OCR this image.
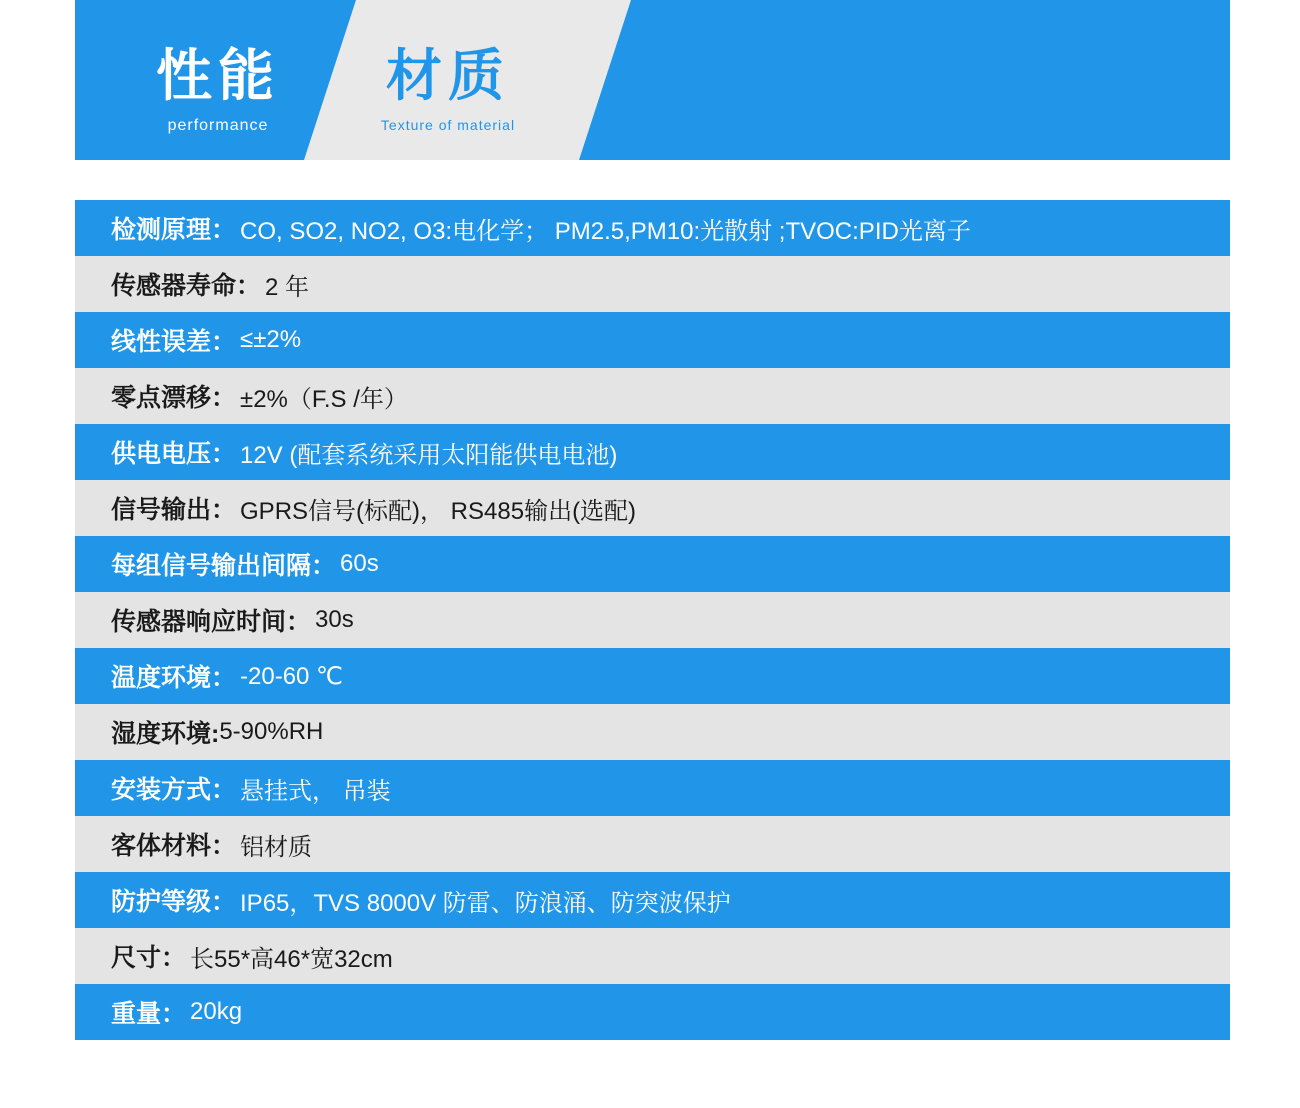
性能
performance
材质
Texture of material
检测原理： CO, SO2, NO2, O3:电化学； PM2.5,PM10:光散射 ;TVOC:PID光离子
传感器寿命： 2 年
线性误差： ≤±2%
零点漂移： ±2%（F.S /年）
供电电压： 12V (配套系统采用太阳能供电电池)
信号输出： GPRS信号(标配)， RS485输出(选配)
每组信号输出间隔： 60s
传感器响应时间： 30s
温度环境： -20-60 ℃
湿度环境: 5-90%RH
安装方式： 悬挂式， 吊装
客体材料： 铝材质
防护等级： IP65，TVS 8000V 防雷、防浪涌、防突波保护
尺寸： 长55*高46*宽32cm
重量： 20kg
